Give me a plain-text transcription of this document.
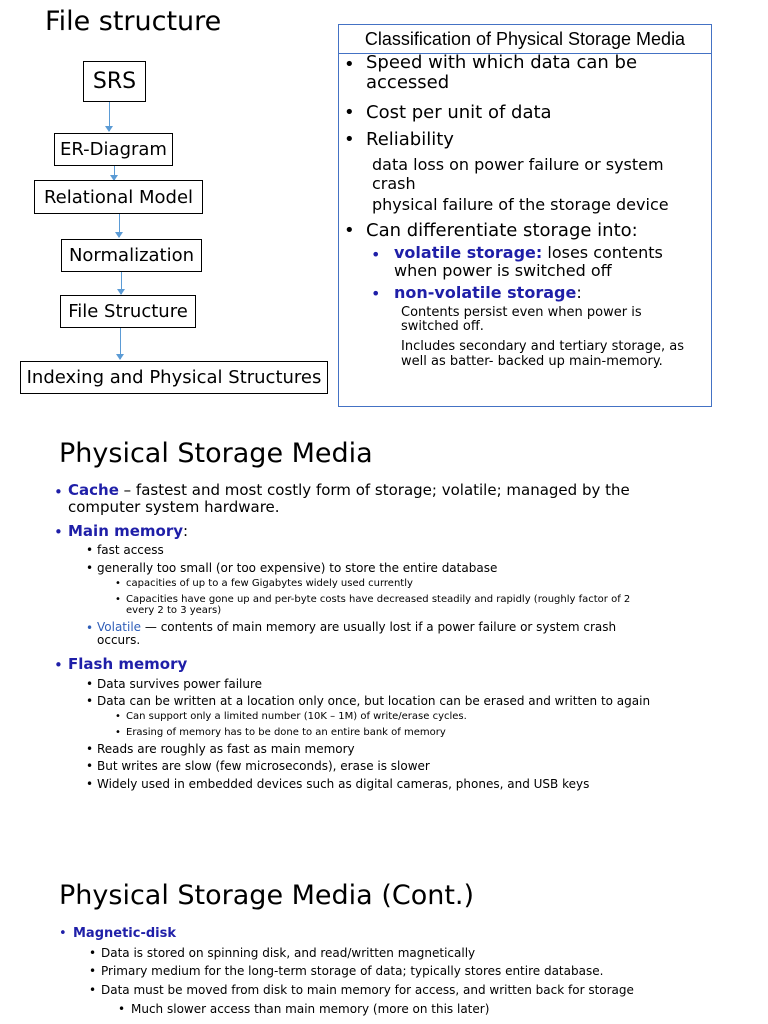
File structure
SRS
ER-Diagram
Relational Model
Normalization
File Structure
Indexing and Physical Structures
Classification of Physical Storage Media
• Speed with which data can be
accessed
• Cost per unit of data
• Reliability
data loss on power failure or system
crash
physical failure of the storage device
• Can differentiate storage into:
• volatile storage: loses contents
when power is switched off
• non-volatile storage:
Contents persist even when power is
switched off.
Includes secondary and tertiary storage, as
well as batter- backed up main-memory.
Physical Storage Media
• Cache – fastest and most costly form of storage; volatile; managed by the
computer system hardware.
• Main memory:
• fast access
• generally too small (or too expensive) to store the entire database
• capacities of up to a few Gigabytes widely used currently
• Capacities have gone up and per-byte costs have decreased steadily and rapidly (roughly factor of 2
every 2 to 3 years)
• Volatile — contents of main memory are usually lost if a power failure or system crash
occurs.
• Flash memory
• Data survives power failure
• Data can be written at a location only once, but location can be erased and written to again
• Can support only a limited number (10K – 1M) of write/erase cycles.
• Erasing of memory has to be done to an entire bank of memory
• Reads are roughly as fast as main memory
• But writes are slow (few microseconds), erase is slower
• Widely used in embedded devices such as digital cameras, phones, and USB keys
Physical Storage Media (Cont.)
• Magnetic-disk
• Data is stored on spinning disk, and read/written magnetically
• Primary medium for the long-term storage of data; typically stores entire database.
• Data must be moved from disk to main memory for access, and written back for storage
• Much slower access than main memory (more on this later)
